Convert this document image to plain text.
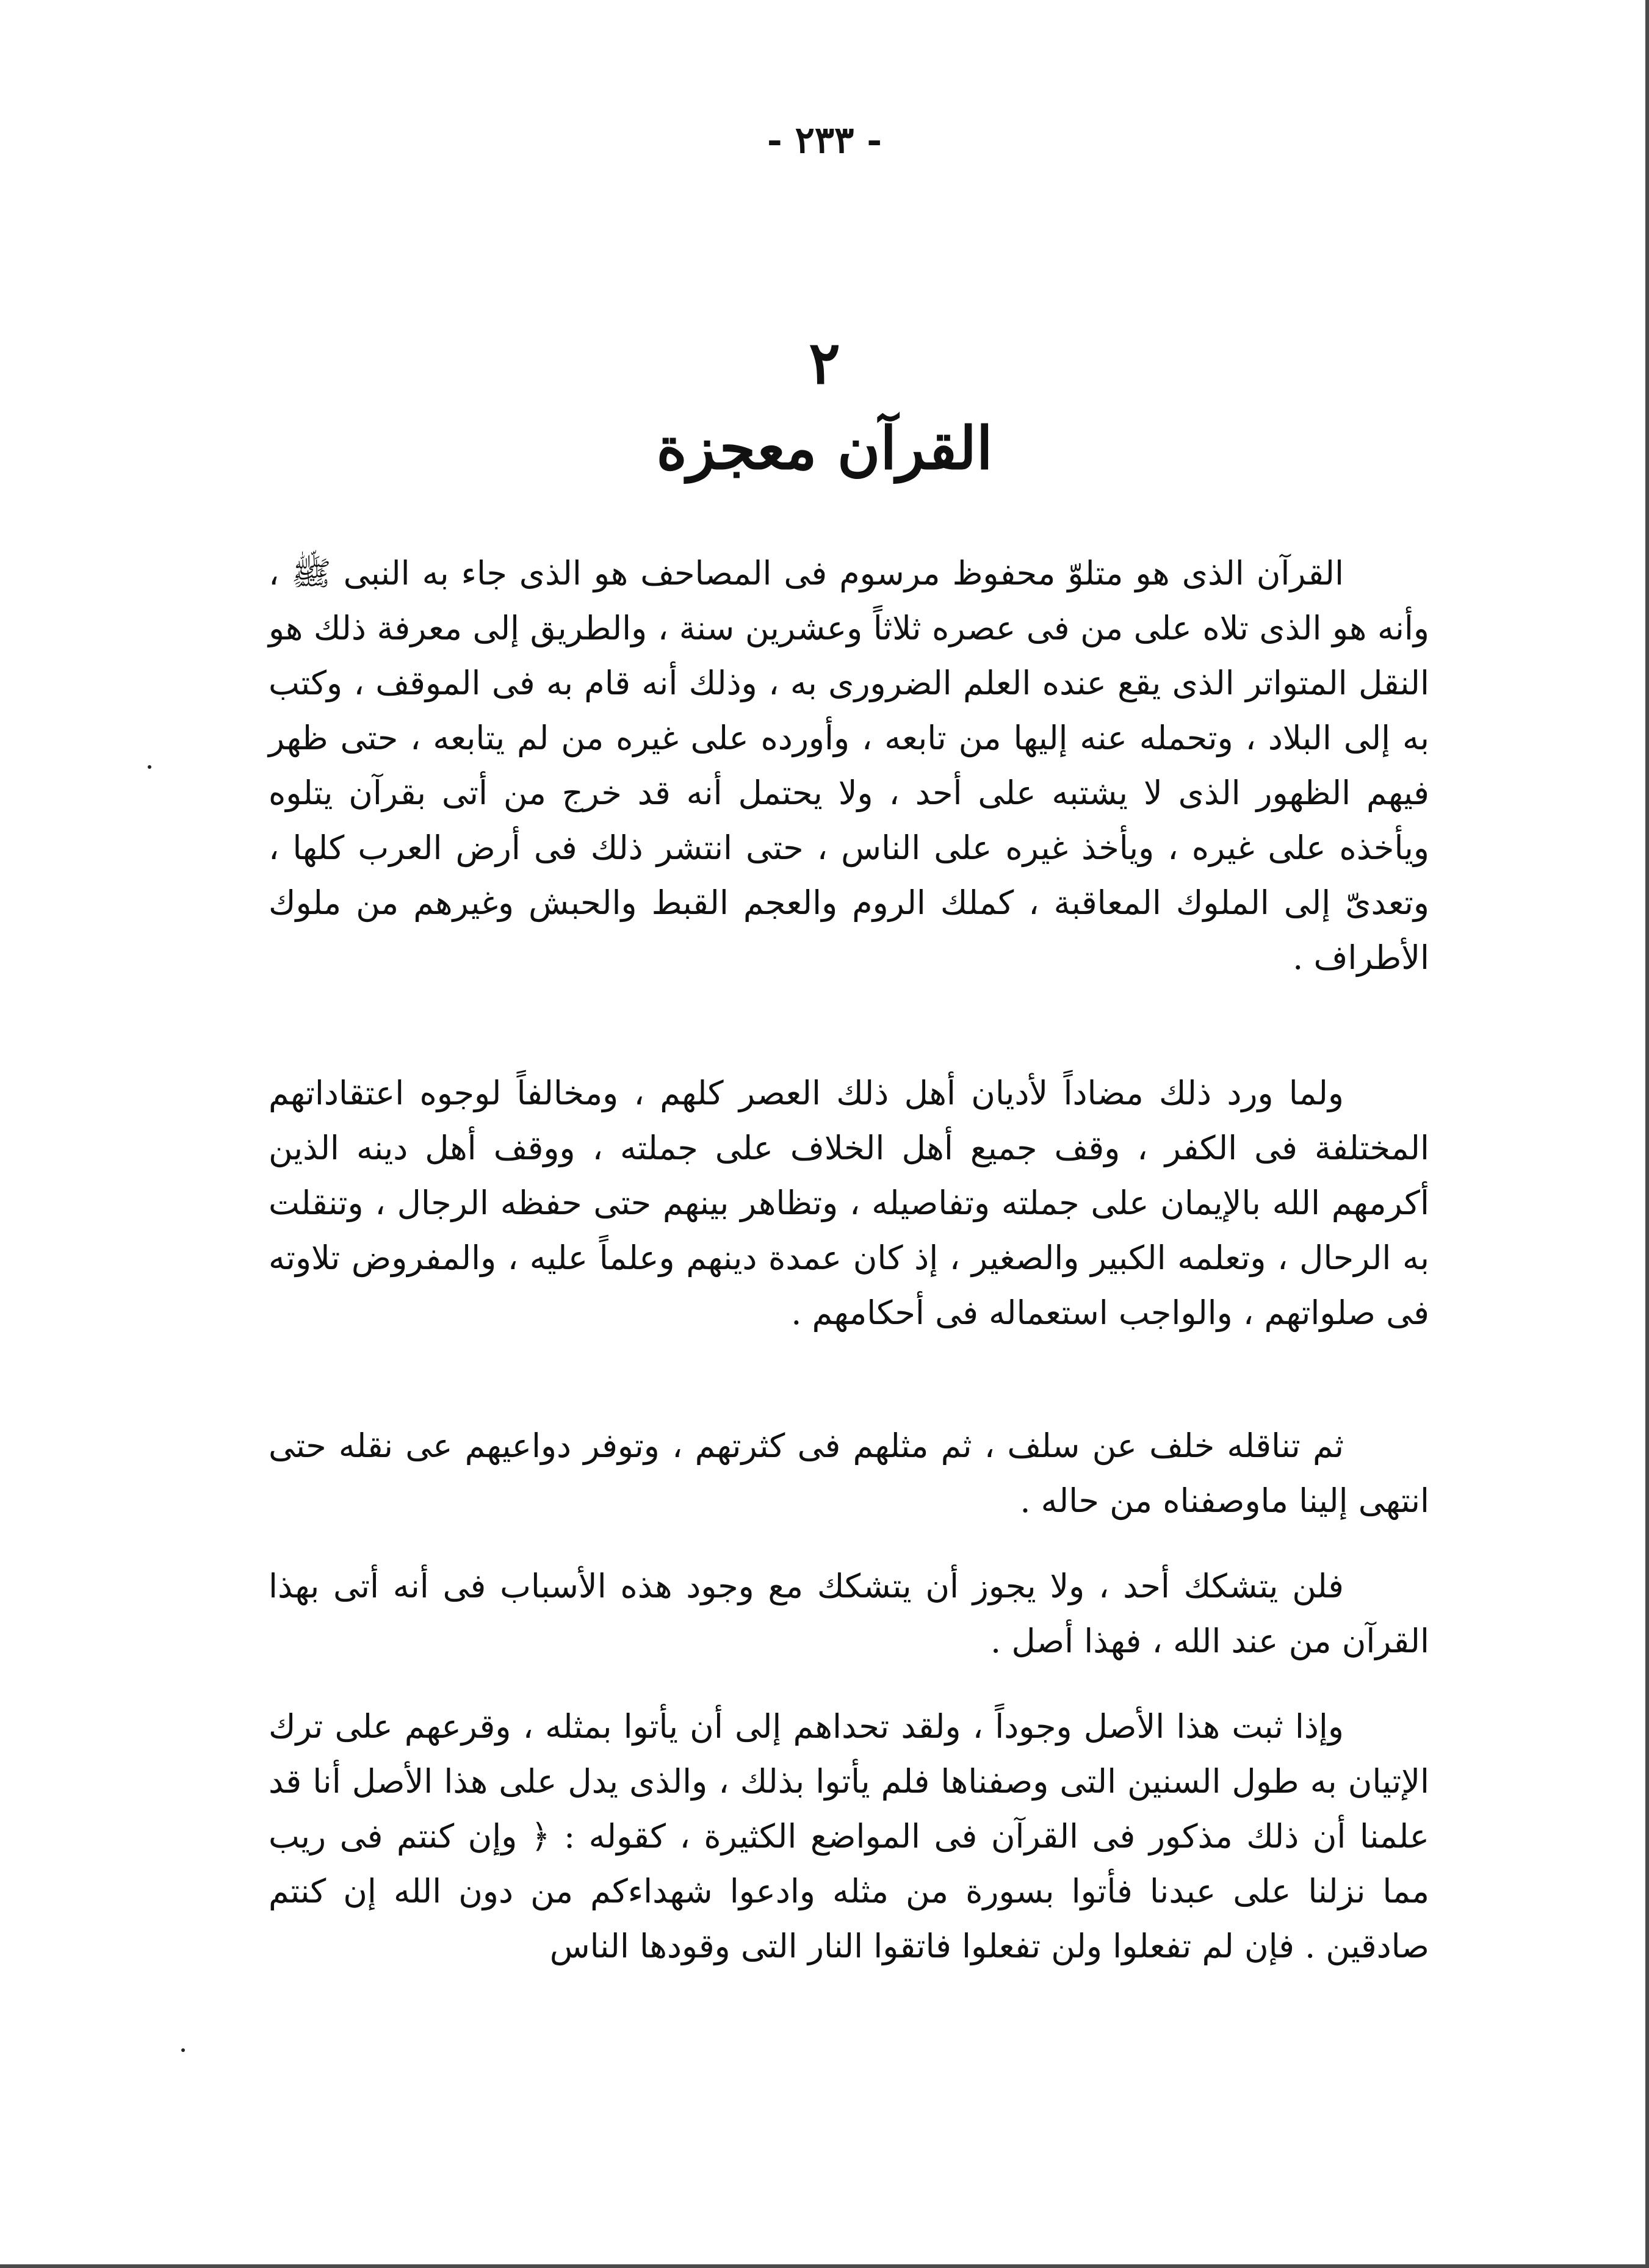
- ٢٣٣ -
٢
القرآن معجزة

القرآن الذى هو متلوّ محفوظ مرسوم فى المصاحف هو الذى جاء به النبى ﷺ ، وأنه هو الذى تلاه على من فى عصره ثلاثاً وعشرين سنة ، والطريق إلى معرفة ذلك هو النقل المتواتر الذى يقع عنده العلم الضرورى به ، وذلك أنه قام به فى الموقف ، وكتب به إلى البلاد ، وتحمله عنه إليها من تابعه ، وأورده على غيره من لم يتابعه ، حتى ظهر فيهم الظهور الذى لا يشتبه على أحد ، ولا يحتمل أنه قد خرج من أتى بقرآن يتلوه ويأخذه على غيره ، ويأخذ غيره على الناس ، حتى انتشر ذلك فى أرض العرب كلها ، وتعدىّ إلى الملوك المعاقبة ، كملك الروم والعجم القبط والحبش وغيرهم من ملوك الأطراف .

ولما ورد ذلك مضاداً لأديان أهل ذلك العصر كلهم ، ومخالفاً لوجوه اعتقاداتهم المختلفة فى الكفر ، وقف جميع أهل الخلاف على جملته ، ووقف أهل دينه الذين أكرمهم الله بالإيمان على جملته وتفاصيله ، وتظاهر بينهم حتى حفظه الرجال ، وتنقلت به الرحال ، وتعلمه الكبير والصغير ، إذ كان عمدة دينهم وعلماً عليه ، والمفروض تلاوته فى صلواتهم ، والواجب استعماله فى أحكامهم .

ثم تناقله خلف عن سلف ، ثم مثلهم فى كثرتهم ، وتوفر دواعيهم عى نقله حتى انتهى إلينا ماوصفناه من حاله .

فلن يتشكك أحد ، ولا يجوز أن يتشكك مع وجود هذه الأسباب فى أنه أتى بهذا القرآن من عند الله ، فهذا أصل .

وإذا ثبت هذا الأصل وجوداً ، ولقد تحداهم إلى أن يأتوا بمثله ، وقرعهم على ترك الإتيان به طول السنين التى وصفناها فلم يأتوا بذلك ، والذى يدل على هذا الأصل أنا قد علمنا أن ذلك مذكور فى القرآن فى المواضع الكثيرة ، كقوله : ﴿ وإن كنتم فى ريب مما نزلنا على عبدنا فأتوا بسورة من مثله وادعوا شهداءكم من دون الله إن كنتم صادقين . فإن لم تفعلوا ولن تفعلوا فاتقوا النار التى وقودها الناس
